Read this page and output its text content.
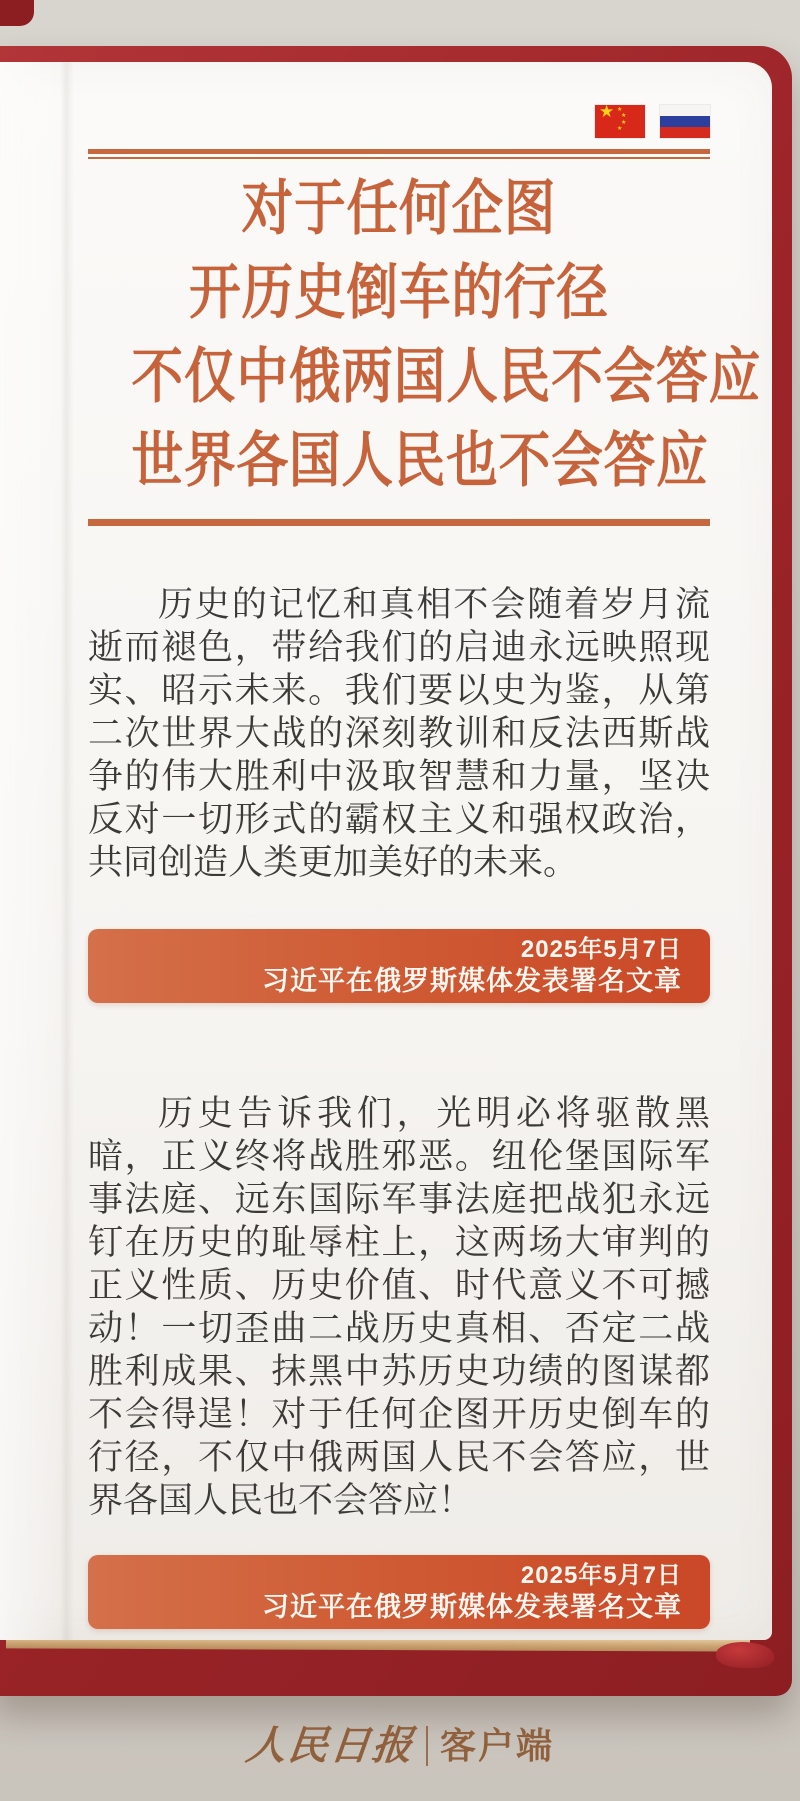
★ ★
★
★
★
对于任何企图
开历史倒车的行径
不仅中俄两国人民不会答应
世界各国人民也不会答应
历史的记忆和真相不会随着岁月流逝而褪色，带给我们的启迪永远映照现实、昭示未来。我们要以史为鉴，从第二次世界大战的深刻教训和反法西斯战争的伟大胜利中汲取智慧和力量，坚决反对一切形式的霸权主义和强权政治，共同创造人类更加美好的未来。
2025年5月7日
习近平在俄罗斯媒体发表署名文章
历史告诉我们，光明必将驱散黑暗，正义终将战胜邪恶。纽伦堡国际军事法庭、远东国际军事法庭把战犯永远钉在历史的耻辱柱上，这两场大审判的正义性质、历史价值、时代意义不可撼动！一切歪曲二战历史真相、否定二战胜利成果、抹黑中苏历史功绩的图谋都不会得逞！对于任何企图开历史倒车的行径，不仅中俄两国人民不会答应，世界各国人民也不会答应！
2025年5月7日
习近平在俄罗斯媒体发表署名文章
人民日报 客户端
